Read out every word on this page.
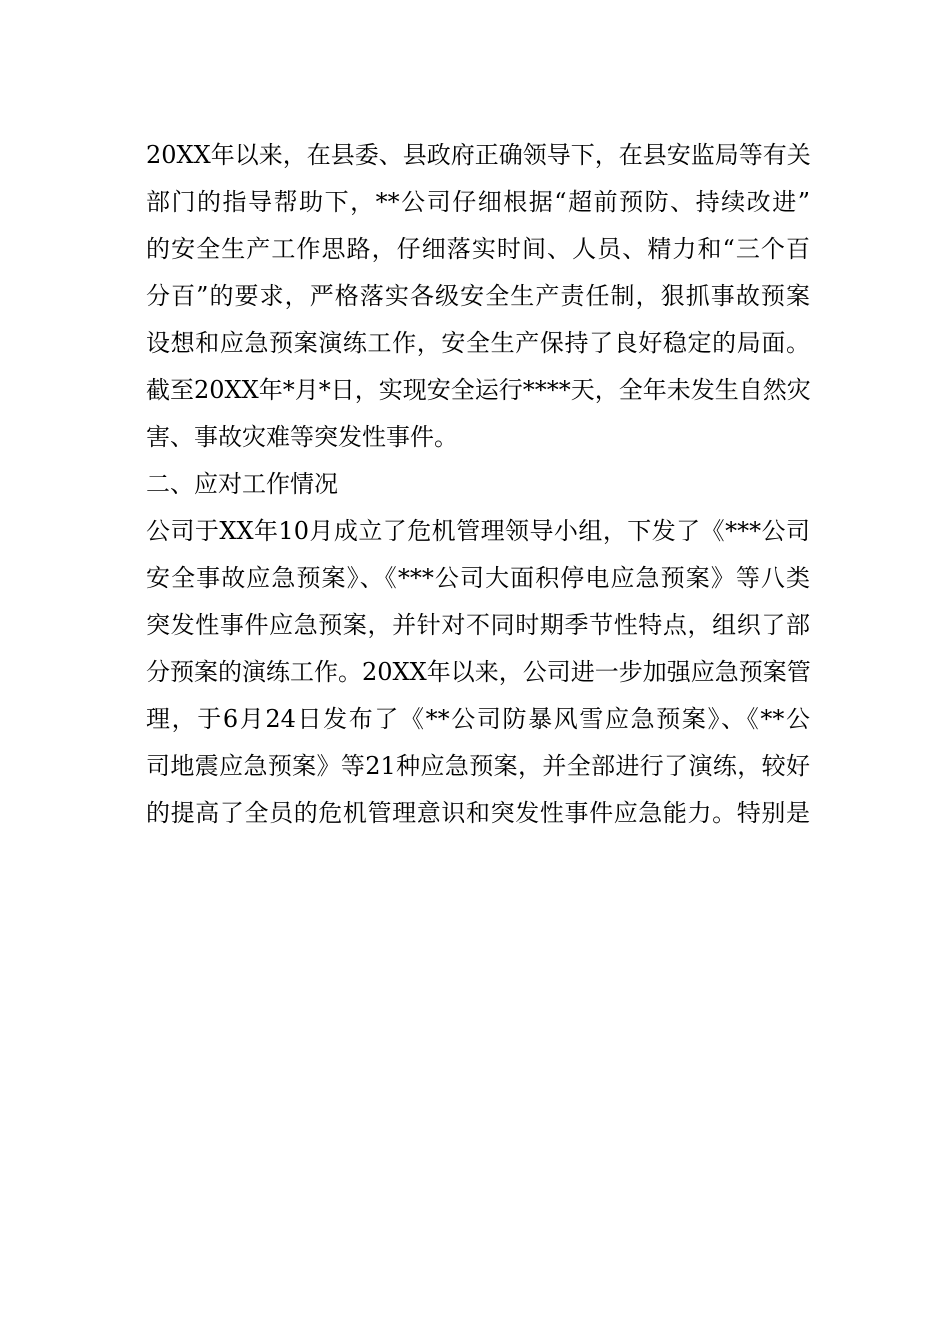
20XX年以来，在县委、县政府正确领导下，在县安监局等有关
部门的指导帮助下，**公司仔细根据“超前预防、持续改进”
的安全生产工作思路，仔细落实时间、人员、精力和“三个百
分百”的要求，严格落实各级安全生产责任制，狠抓事故预案
设想和应急预案演练工作，安全生产保持了良好稳定的局面。
截至20XX年*月*日，实现安全运行****天，全年未发生自然灾
害、事故灾难等突发性事件。
二、应对工作情况
公司于XX年10月成立了危机管理领导小组，下发了《***公司
安全事故应急预案》、《***公司大面积停电应急预案》等八类
突发性事件应急预案，并针对不同时期季节性特点，组织了部
分预案的演练工作。20XX年以来，公司进一步加强应急预案管
理，于6月24日发布了《**公司防暴风雪应急预案》、《**公
司地震应急预案》等21种应急预案，并全部进行了演练，较好
的提高了全员的危机管理意识和突发性事件应急能力。特别是
